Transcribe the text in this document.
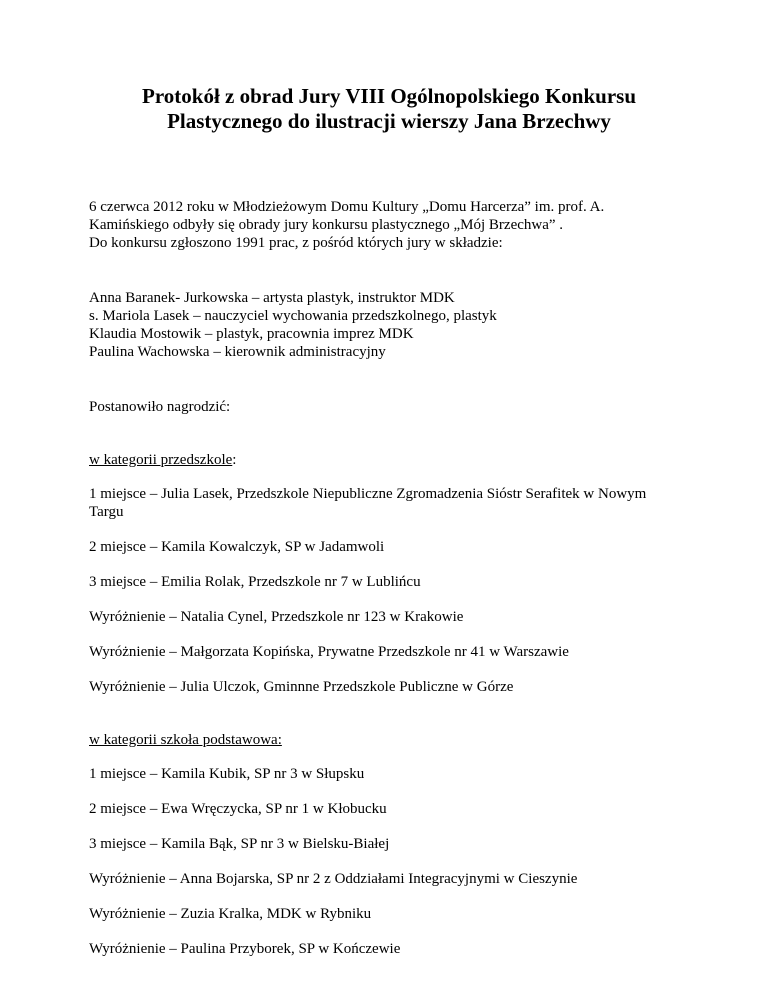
Protokół z obrad Jury VIII Ogólnopolskiego Konkursu
Plastycznego do ilustracji wierszy Jana Brzechwy

6 czerwca 2012 roku w Młodzieżowym Domu Kultury „Domu Harcerza” im. prof. A.

Kamińskiego odbyły się obrady jury konkursu plastycznego „Mój Brzechwa” .

Do konkursu zgłoszono 1991 prac, z pośród których jury w składzie:

Anna Baranek- Jurkowska – artysta plastyk, instruktor MDK

s. Mariola Lasek – nauczyciel wychowania przedszkolnego, plastyk

Klaudia Mostowik – plastyk, pracownia imprez MDK

Paulina Wachowska – kierownik administracyjny

Postanowiło nagrodzić:

w kategorii przedszkole:

1 miejsce – Julia Lasek, Przedszkole Niepubliczne Zgromadzenia Sióstr Serafitek w Nowym

Targu

2 miejsce – Kamila Kowalczyk, SP w Jadamwoli

3 miejsce – Emilia Rolak, Przedszkole nr 7 w Lublińcu

Wyróżnienie – Natalia Cynel, Przedszkole nr 123 w Krakowie

Wyróżnienie – Małgorzata Kopińska, Prywatne Przedszkole nr 41 w Warszawie

Wyróżnienie – Julia Ulczok, Gminnne Przedszkole Publiczne w Górze

w kategorii szkoła podstawowa:

1 miejsce – Kamila Kubik, SP nr 3 w Słupsku

2 miejsce – Ewa Wręczycka, SP nr 1 w Kłobucku

3 miejsce – Kamila Bąk, SP nr 3 w Bielsku-Białej

Wyróżnienie – Anna Bojarska, SP nr 2 z Oddziałami Integracyjnymi w Cieszynie

Wyróżnienie – Zuzia Kralka, MDK w Rybniku

Wyróżnienie – Paulina Przyborek, SP w Kończewie
